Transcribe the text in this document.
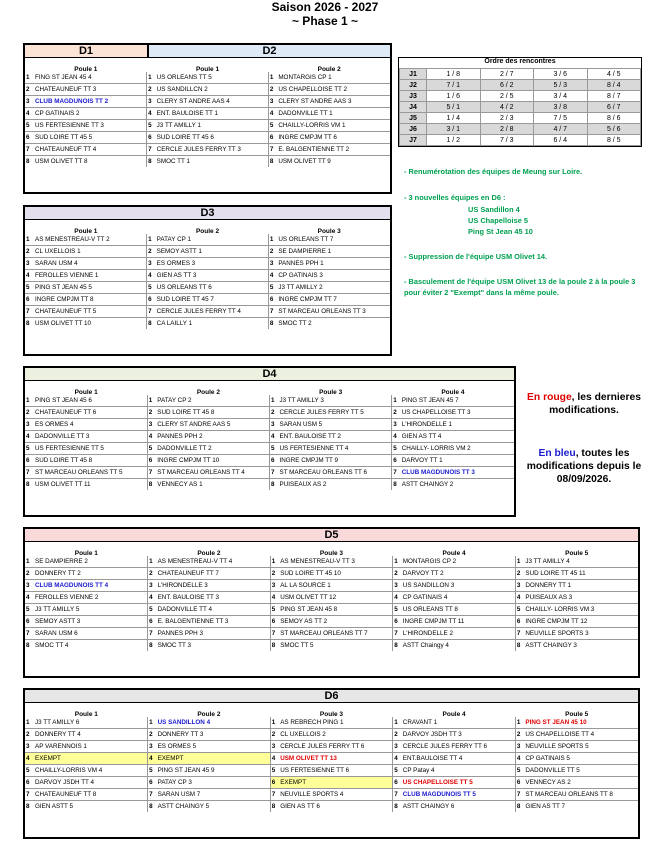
Saison 2026 - 2027
~ Phase 1 ~
D1	D2
Poule 1	Poule 1	Poule 2
1	FING ST JEAN 45 4	1	US ORLEANS TT 5	1	MONTARGIS CP 1
2	CHATEAUNEUF TT 3	2	US SANDILLCN 2	2	US CHAPELLOISE TT 2
3	CLUB MAGDUNOIS TT 2	3	CLERY ST ANDRE AAS 4	3	CLERY ST ANDRE AAS 3
4	CP GATINAIS 2	4	ENT. BAULOISE TT 1	4	DADONVILLE TT 1
5	US FERTESIENNE TT 3	5	J3 TT AMILLY 1	5	CHAILLY-LORRIS VM 1
6	SUD LOIRE TT 45 5	6	SUD LOIRE TT 45 6	6	INGRE CMPJM TT 6
7	CHATEAUNEUF TT 4	7	CERCLE JULES FERRY TT 3	7	E. BALGENTIENNE TT 2
8	USM OLIVET TT 8	8	SMOC TT 1	8	USM OLIVET TT 9
D3
Poule 1	Poule 2	Poule 3
1	AS MENESTREAU-V TT 2	1	PATAY CP 1	1	US ORLEANS TT 7
2	CL UXELLOIS 1	2	SEMOY ASTT 1	2	SE DAMPIERRE 1
3	SARAN USM 4	3	ES ORMES 3	3	PANNES PPH 1
4	FEROLLES VIENNE 1	4	GIEN AS TT 3	4	CP GATINAIS 3
5	PING ST JEAN 45 5	5	US ORLEANS TT 6	5	J3 TT AMILLY 2
6	INGRE CMPJM TT 8	6	SUD LOIRE TT 45 7	6	INGRE CMPJM TT 7
7	CHATEAUNEUF TT 5	7	CERCLE JULES FERRY TT 4	7	ST MARCEAU ORLEANS TT 3
8	USM OLIVET TT 10	8	CA LAILLY 1	8	SMOC TT 2
D4
Poule 1	Poule 2	Poule 3	Poule 4
1	PING ST JEAN 45 6	1	PATAY CP 2	1	J3 TT AMILLY 3	1	PING ST JEAN 45 7
2	CHATEAUNEUF TT 6	2	SUD LOIRE TT 45 8	2	CERCLE JULES FERRY TT 5	2	US CHAPELLOISE TT 3
3	ES ORMES 4	3	CLERY ST ANDRE AAS 5	3	SARAN USM 5	3	L'HIRONDELLE 1
4	DADONVILLE TT 3	4	PANNES PPH 2	4	ENT. BAULOISE TT 2	4	GIEN AS TT 4
5	US FERTESIENNE TT 5	5	DADONVILLE TT 2	5	US FERTESIENNE TT 4	5	CHAILLY- LORRIS VM 2
6	SUD LOIRE TT 45 8	6	INGRE CMPJM TT 10	6	INGRE CMPJM TT 9	6	DARVOY TT 1
7	ST MARCEAU ORLEANS TT 5	7	ST MARCEAU ORLEANS TT 4	7	ST MARCEAU ORLEANS TT 6	7	CLUB MAGDUNOIS TT 3
8	USM OLIVET TT 11	8	VENNECY AS 1	8	PUISEAUX AS 2	8	ASTT CHAINGY 2
D5
Poule 1	Poule 2	Poule 3	Poule 4	Poule 5
1	SE DAMPIERRE 2	1	AS MENESTREAU-V TT 4	1	AS MENESTREAU-V TT 3	1	MONTARGIS CP 2	1	J3 TT AMILLY 4
2	DONNERY TT 2	2	CHATEAUNEUF TT 7	2	SUD LOIRE TT 45 10	2	DARVOY TT 2	2	SUD LOIRE TT 45 11
3	CLUB MAGDUNOIS TT 4	3	L'HIRONDELLE 3	3	AL LA SOURCE 1	3	US SANDILLON 3	3	DONNERY TT 1
4	FEROLLES VIENNE 2	4	ENT. BAULOISE TT 3	4	USM OLIVET TT 12	4	CP GATINAIS 4	4	PUISEAUX AS 3
5	J3 TT AMILLY 5	5	DADONVILLE TT 4	5	PING ST JEAN 45 8	5	US ORLEANS TT 8	5	CHAILLY- LORRIS VM 3
6	SEMOY ASTT 3	6	E. BALGENTIENNE TT 3	6	SEMOY AS TT 2	6	INGRE CMPJM TT 11	6	INGRE CMPJM TT 12
7	SARAN USM 6	7	PANNES PPH 3	7	ST MARCEAU ORLEANS TT 7	7	L'HIRONDELLE 2	7	NEUVILLE SPORTS 3
8	SMOC TT 4	8	SMOC TT 3	8	SMOC TT 5	8	ASTT Chaingy 4	8	ASTT CHAINGY 3
D6
Poule 1	Poule 2	Poule 3	Poule 4	Poule 5
1	J3 TT AMILLY 6	1	US SANDILLON 4	1	AS REBRECH PING 1	1	CRAVANT 1	1	PING ST JEAN 45 10
2	DONNERY TT 4	2	DONNERY TT 3	2	CL UXELLOIS 2	2	DARVOY JSDH TT 3	2	US CHAPELLOISE TT 4
3	AP VARENNOIS 1	3	ES ORMES 5	3	CERCLE JULES FERRY TT 6	3	CERCLE JULES FERRY TT 6	3	NEUVILLE SPORTS 5
4	EXEMPT	4	EXEMPT	4	USM OLIVET TT 13	4	ENT.BAULOISE TT 4	4	CP GATINAIS 5
5	CHAILLY-LORRIS VM 4	5	PING ST JEAN 45 9	5	US FERTESIENNE TT 6	5	CP Patay 4	5	DADONVILLE TT 5
6	DARVOY JSDH TT 4	6	PATAY CP 3	6	EXEMPT	6	US CHAPELLOISE TT 5	6	VENNECY AS 2
7	CHATEAUNEUF TT 8	7	SARAN USM 7	7	NEUVILLE SPORTS 4	7	CLUB MAGDUNOIS TT 5	7	ST MARCEAU ORLEANS TT 8
8	GIEN ASTT 5	8	ASTT CHAINGY 5	8	GIEN AS TT 6	8	ASTT CHAINGY 6	8	GIEN AS TT 7
Ordre des rencontres
J1	1 / 8	2 / 7	3 / 6	4 / 5
J2	7 / 1	6 / 2	5 / 3	8 / 4
J3	1 / 6	2 / 5	3 / 4	8 / 7
J4	5 / 1	4 / 2	3 / 8	6 / 7
J5	1 / 4	2 / 3	7 / 5	8 / 6
J6	3 / 1	2 / 8	4 / 7	5 / 6
J7	1 / 2	7 / 3	6 / 4	8 / 5
- Renumérotation des équipes de Meung sur Loire.
- 3 nouvelles équipes en D6 :
US Sandillon 4
US Chapelloise 5
Ping St Jean 45 10
- Suppression de l'équipe USM Olivet 14.
- Basculement de l'équipe USM Olivet 13 de la poule 2 à la poule 3 pour éviter 2 "Exempt" dans la même poule.
En rouge, les dernieres modifications.
En bleu, toutes les modifications depuis le 08/09/2026.
